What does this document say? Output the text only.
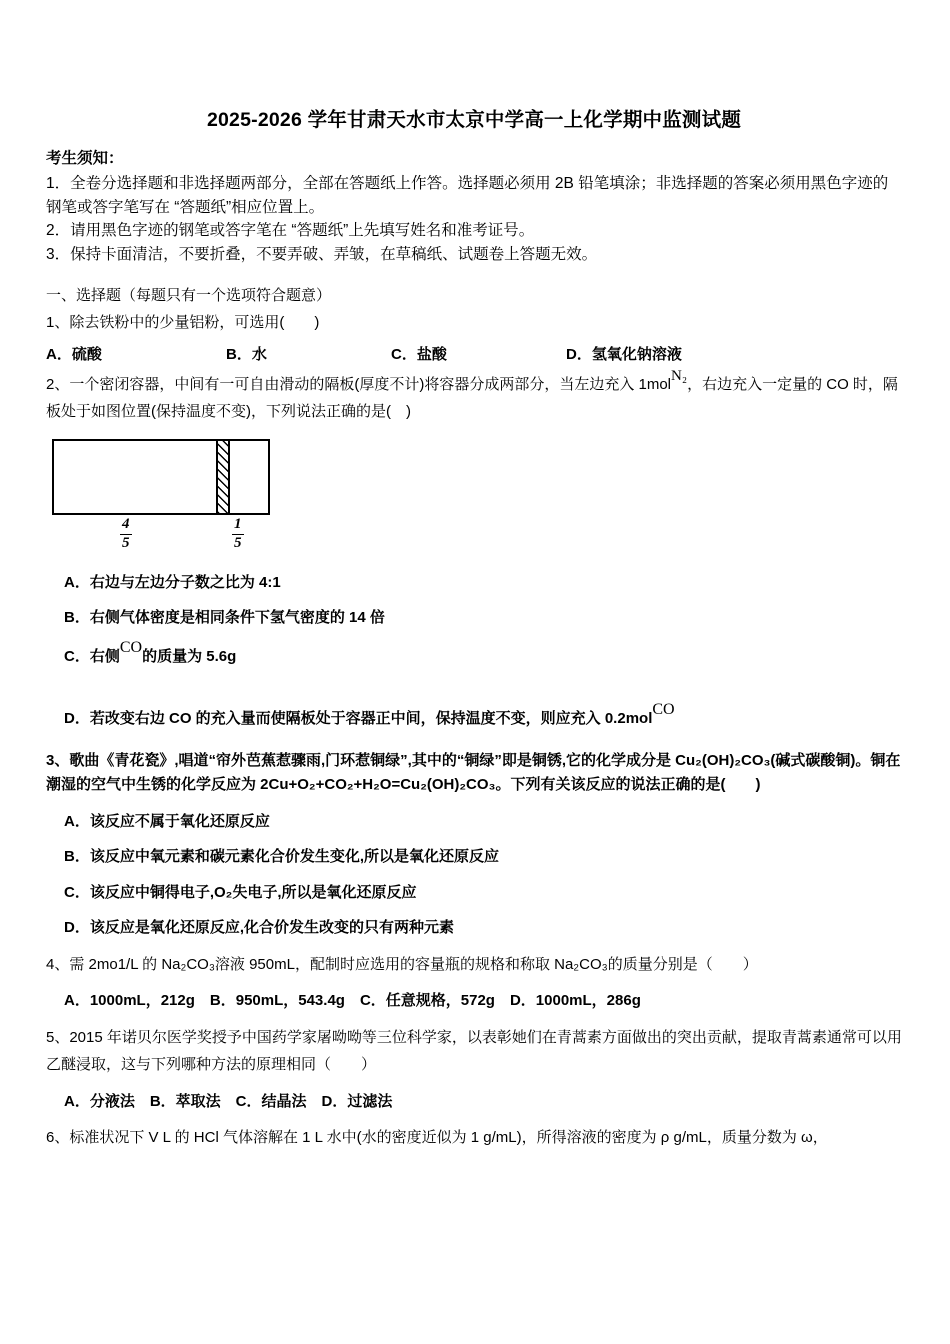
2025-2026 学年甘肃天水市太京中学高一上化学期中监测试题
考生须知：

1．全卷分选择题和非选择题两部分，全部在答题纸上作答。选择题必须用 2B 铅笔填涂；非选择题的答案必须用黑色字迹的钢笔或答字笔写在 “答题纸”相应位置上。

2．请用黑色字迹的钢笔或答字笔在 “答题纸”上先填写姓名和准考证号。

3．保持卡面清洁，不要折叠，不要弄破、弄皱，在草稿纸、试题卷上答题无效。

一、选择题（每题只有一个选项符合题意）
1、除去铁粉中的少量铝粉，可选用(　　)
A．硫酸	B．水	C．盐酸	D．氢氧化钠溶液
2、一个密闭容器，中间有一可自由滑动的隔板(厚度不计)将容器分成两部分，当左边充入 1molN₂，右边充入一定量的 CO 时，隔板处于如图位置(保持温度不变)，下列说法正确的是(　)
$\frac{4}{5}$	$\frac{1}{5}$
A．右边与左边分子数之比为 4:1
B．右侧气体密度是相同条件下氢气密度的 14 倍
C．右侧CO的质量为 5.6g
D．若改变右边 CO 的充入量而使隔板处于容器正中间，保持温度不变，则应充入 0.2molCO
3、歌曲《青花瓷》,唱道“帘外芭蕉惹骤雨,门环惹铜绿”,其中的“铜绿”即是铜锈,它的化学成分是 Cu₂(OH)₂CO₃(碱式碳酸铜)。铜在潮湿的空气中生锈的化学反应为 2Cu+O₂+CO₂+H₂O=Cu₂(OH)₂CO₃。下列有关该反应的说法正确的是(　　)
A．该反应不属于氧化还原反应
B．该反应中氧元素和碳元素化合价发生变化,所以是氧化还原反应
C．该反应中铜得电子,O₂失电子,所以是氧化还原反应
D．该反应是氧化还原反应,化合价发生改变的只有两种元素
4、需 2mo1/L 的 Na₂CO₃溶液 950mL，配制时应选用的容量瓶的规格和称取 Na₂CO₃的质量分别是（　　）
A．1000mL，212g　B．950mL，543.4g　C．任意规格，572g　D．1000mL，286g
5、2015 年诺贝尔医学奖授予中国药学家屠呦呦等三位科学家，以表彰她们在青蒿素方面做出的突出贡献，提取青蒿素通常可以用乙醚浸取，这与下列哪种方法的原理相同（　　）
A．分液法　B．萃取法　C．结晶法　D．过滤法
6、标准状况下 V L 的 HCl 气体溶解在 1 L 水中(水的密度近似为 1 g/mL)，所得溶液的密度为 ρ g/mL，质量分数为 ω，
